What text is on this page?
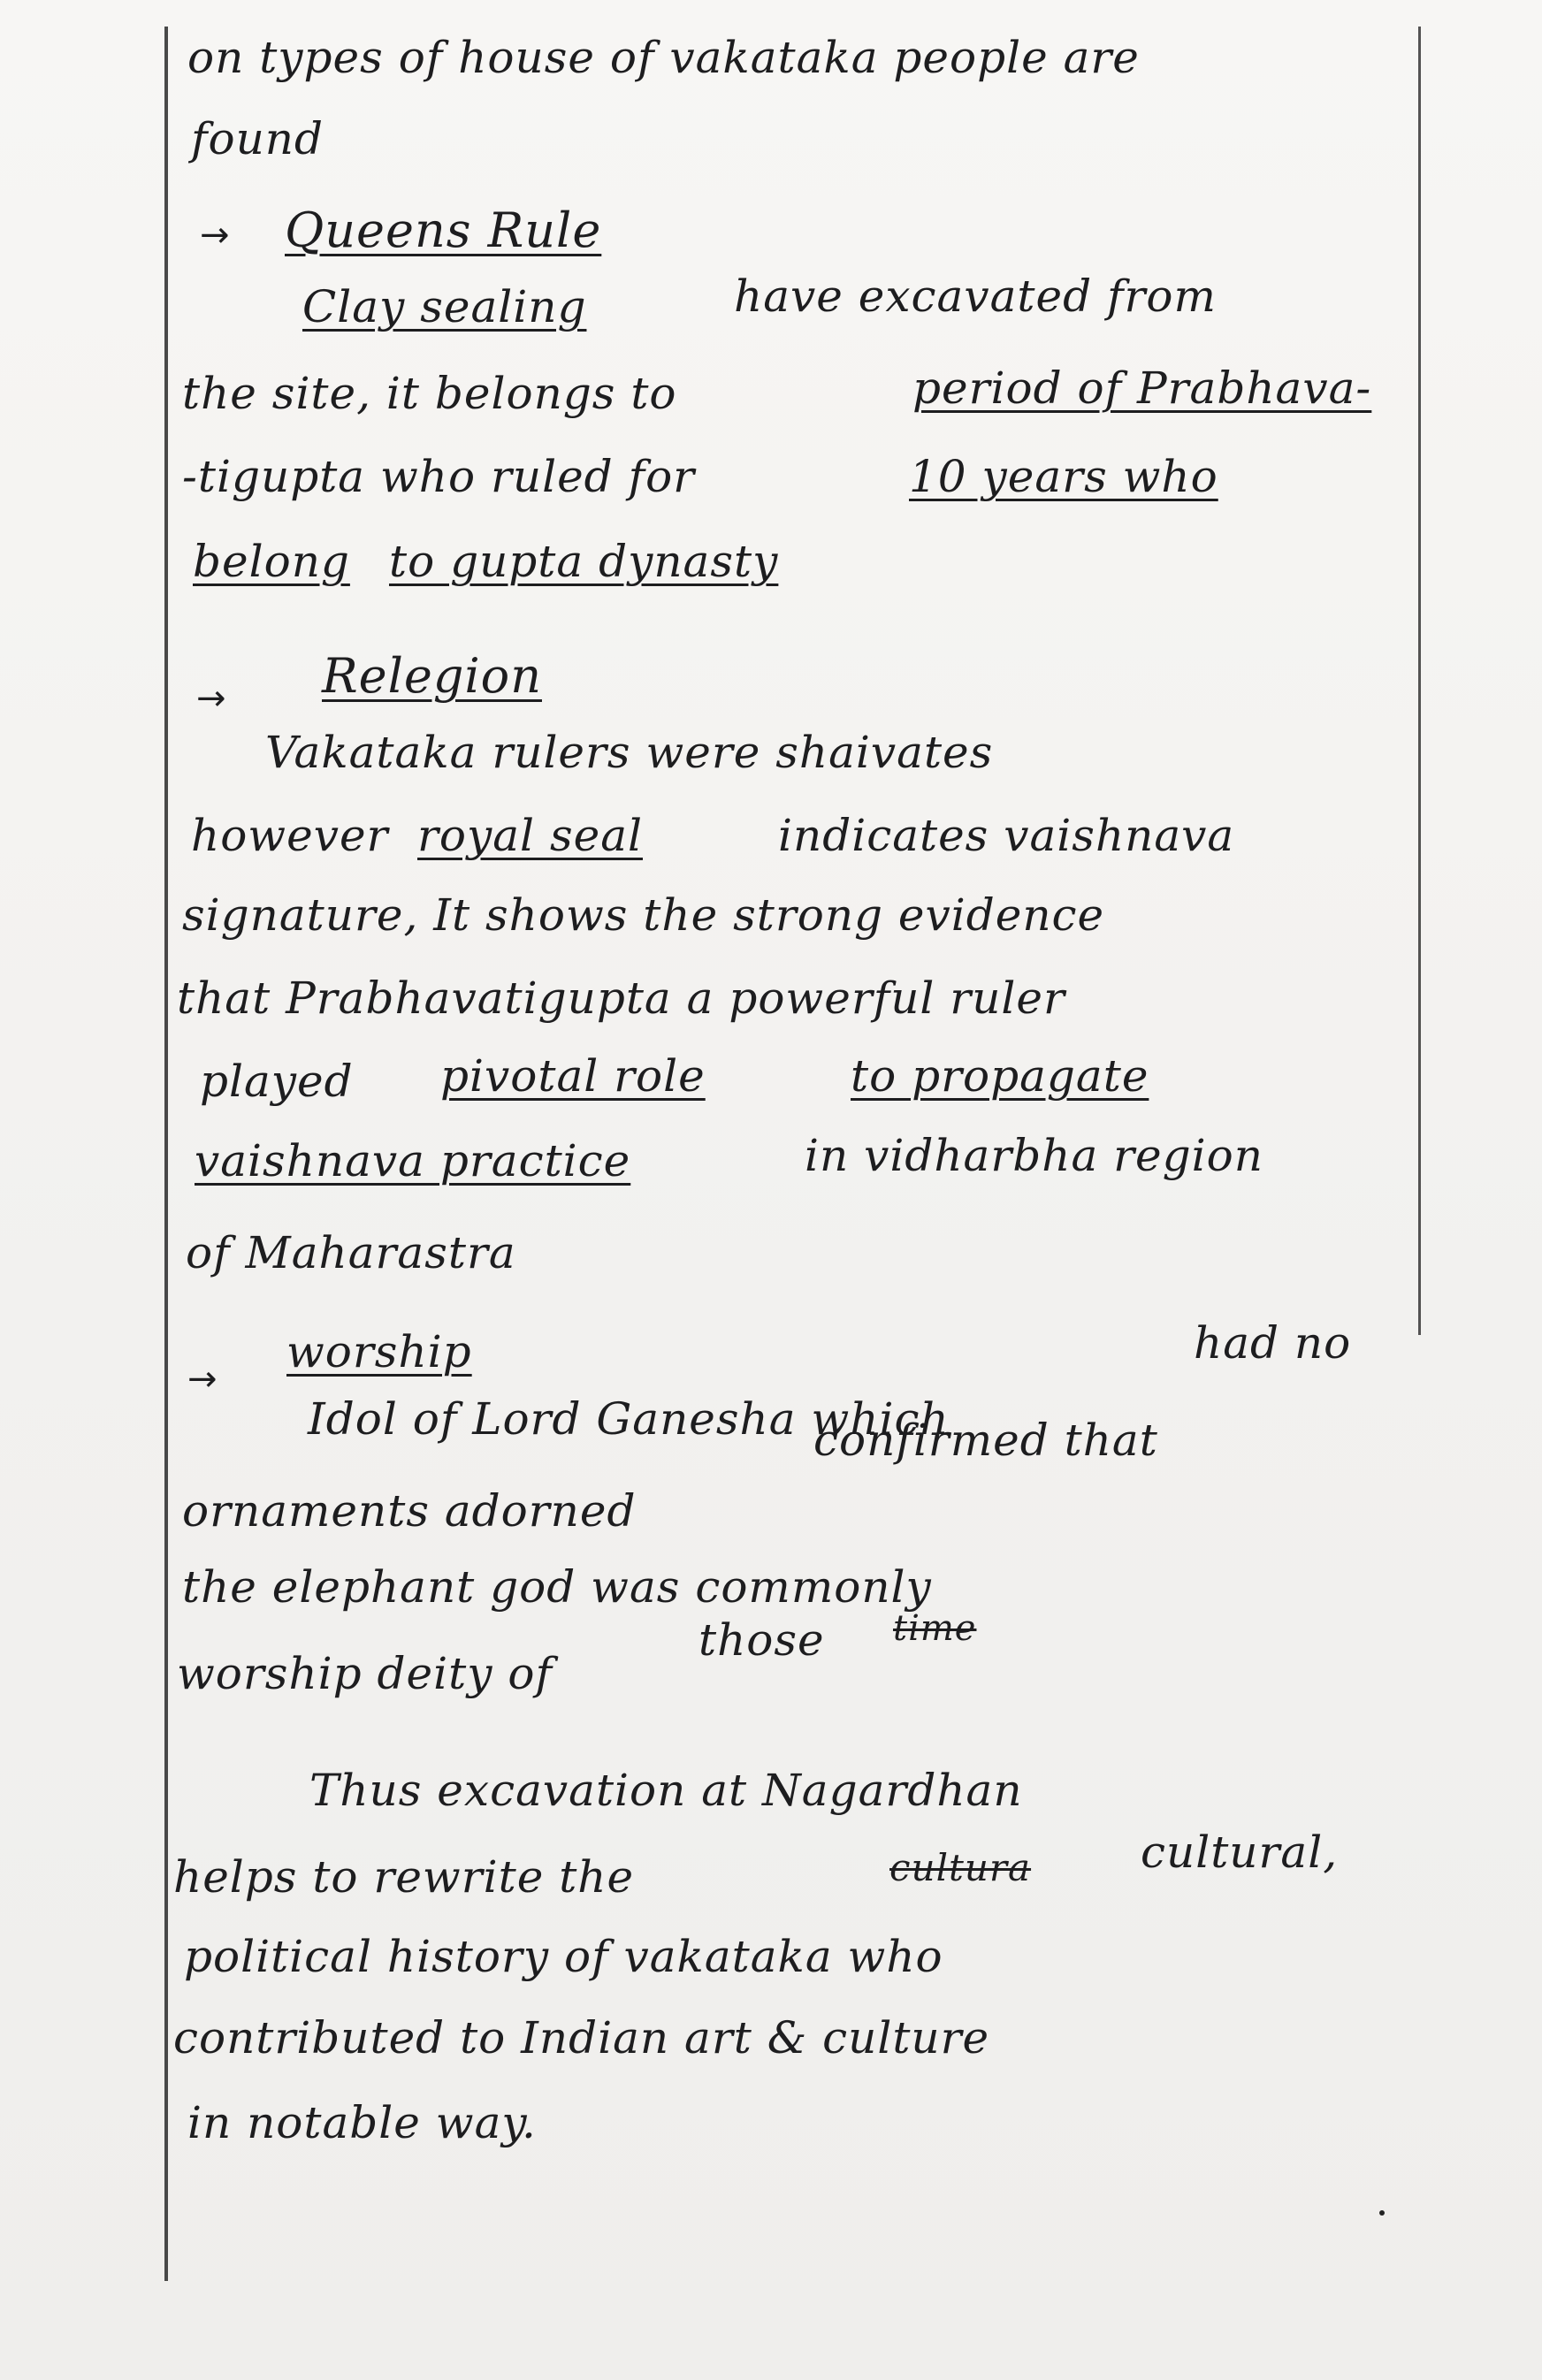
on types of house of vakataka people are
found
→ Queens Rule
Clay sealing	have excavated from
the site, it belongs to	period of Prabhava-
-tigupta who ruled for	10 years who
belong to gupta dynasty
→ Relegion
Vakataka rulers were shaivates
however royal seal	indicates vaishnava
signature, It shows the strong evidence
that Prabhavatigupta a powerful ruler
played pivotal role	to propagate
vaishnava practice	in vidharbha region
of Maharastra
→
worship
Idol of Lord Ganesha which
had no
ornaments adorned
confirmed that
the elephant god was commonly
worship deity of
those time
Thus excavation at Nagardhan
helps to rewrite the	cultura cultural,
political history of vakataka who
contributed to Indian art & culture
in notable way.
